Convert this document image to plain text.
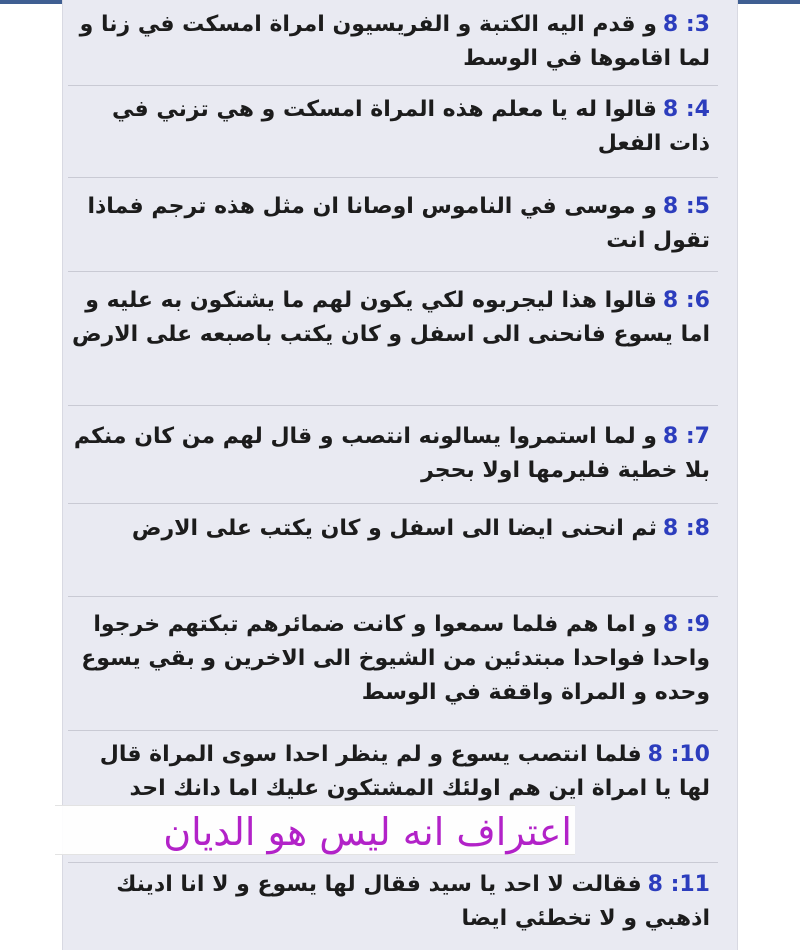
8 :3و قدم اليه الكتبة و الفريسيون امراة امسكت في زنا و لما اقاموها في الوسط
8 :4قالوا له يا معلم هذه المراة امسكت و هي تزني في ذات الفعل
8 :5و موسى في الناموس اوصانا ان مثل هذه ترجم فماذا تقول انت
8 :6قالوا هذا ليجربوه لكي يكون لهم ما يشتكون به عليه و اما يسوع فانحنى الى اسفل و كان يكتب باصبعه على الارض
8 :7و لما استمروا يسالونه انتصب و قال لهم من كان منكم بلا خطية فليرمها اولا بحجر
8 :8ثم انحنى ايضا الى اسفل و كان يكتب على الارض
8 :9و اما هم فلما سمعوا و كانت ضمائرهم تبكتهم خرجوا واحدا فواحدا مبتدئين من الشيوخ الى الاخرين و بقي يسوع وحده و المراة واقفة في الوسط
8 :10فلما انتصب يسوع و لم ينظر احدا سوى المراة قال لها يا امراة اين هم اولئك المشتكون عليك اما دانك احد
8 :11فقالت لا احد يا سيد فقال لها يسوع و لا انا ادينك اذهبي و لا تخطئي ايضا
اعتراف انه ليس هو الديان
